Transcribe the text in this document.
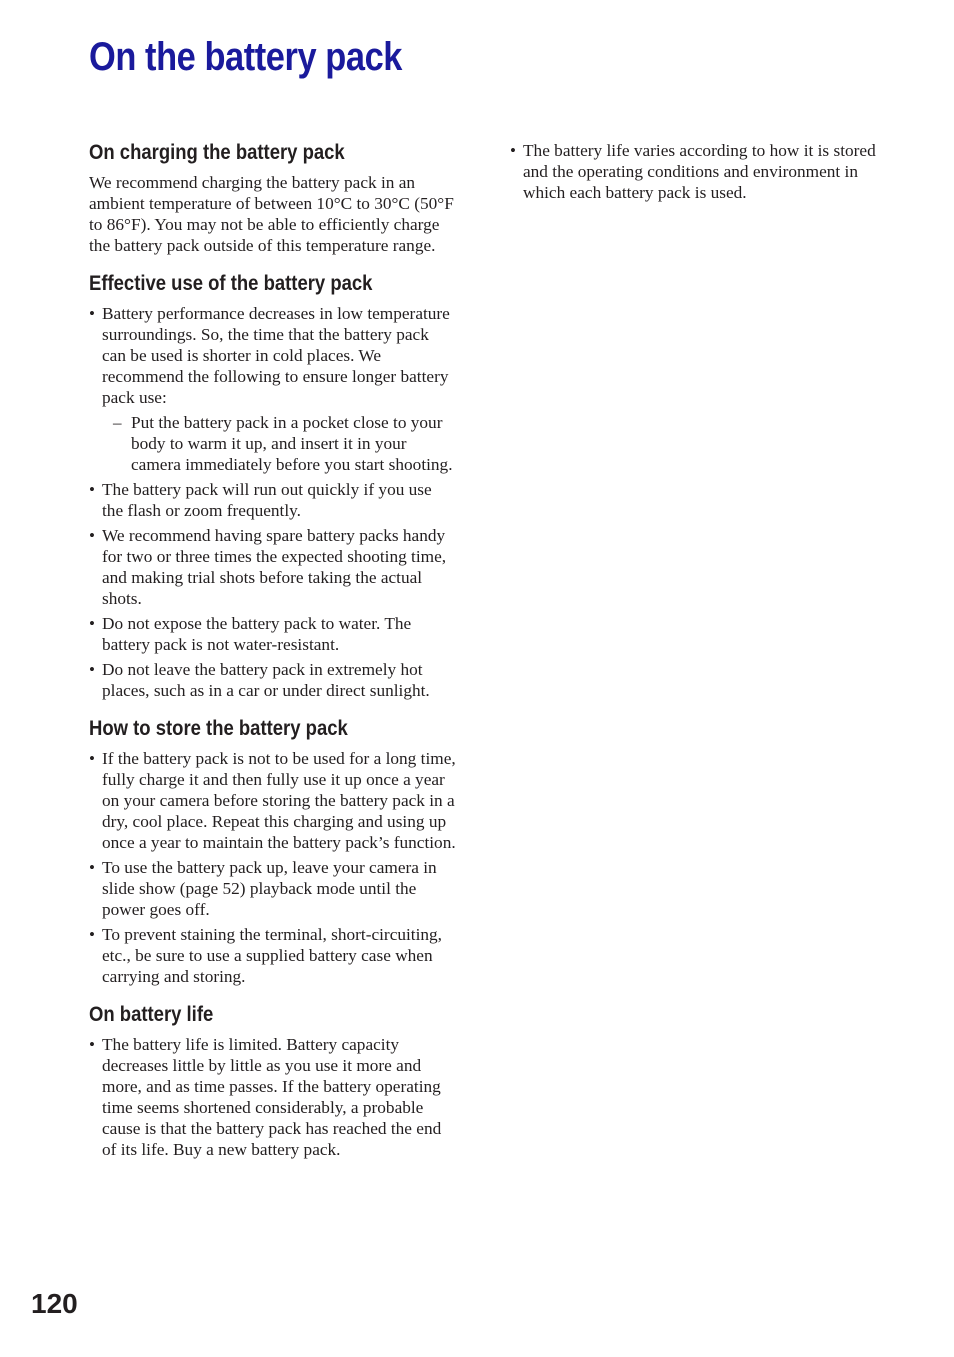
On the battery pack
On charging the battery pack

We recommend charging the battery pack in an ambient temperature of between 10°C to 30°C (50°F to 86°F). You may not be able to efficiently charge the battery pack outside of this temperature range.

Effective use of the battery pack
• Battery performance decreases in low temperature surroundings. So, the time that the battery pack can be used is shorter in cold places. We recommend the following to ensure longer battery pack use:
– Put the battery pack in a pocket close to your body to warm it up, and insert it in your camera immediately before you start shooting.
• The battery pack will run out quickly if you use the flash or zoom frequently.
• We recommend having spare battery packs handy for two or three times the expected shooting time, and making trial shots before taking the actual shots.
• Do not expose the battery pack to water. The battery pack is not water-resistant.
• Do not leave the battery pack in extremely hot places, such as in a car or under direct sunlight.
How to store the battery pack
• If the battery pack is not to be used for a long time, fully charge it and then fully use it up once a year on your camera before storing the battery pack in a dry, cool place. Repeat this charging and using up once a year to maintain the battery pack’s function.
• To use the battery pack up, leave your camera in slide show (page 52) playback mode until the power goes off.
• To prevent staining the terminal, short-circuiting, etc., be sure to use a supplied battery case when carrying and storing.
On battery life
• The battery life is limited. Battery capacity decreases little by little as you use it more and more, and as time passes. If the battery operating time seems shortened considerably, a probable cause is that the battery pack has reached the end of its life. Buy a new battery pack.
• The battery life varies according to how it is stored and the operating conditions and environment in which each battery pack is used.
120
